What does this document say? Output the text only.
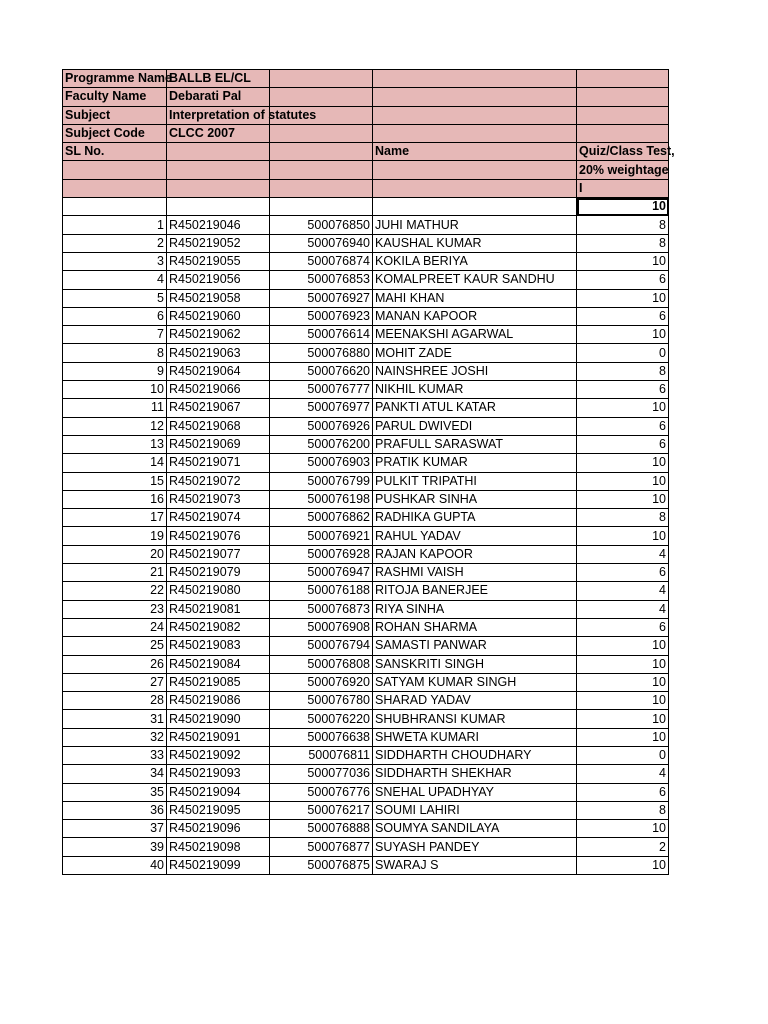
Programme Name	BALLB EL/CL			
Faculty Name	Debarati Pal			
Subject	Interpretation of statutes			
Subject Code	CLCC 2007			
SL No.			Name	Quiz/Class Test,
				20% weightage
				I
				10
1	R450219046	500076850	JUHI MATHUR	8
2	R450219052	500076940	KAUSHAL KUMAR	8
3	R450219055	500076874	KOKILA BERIYA	10
4	R450219056	500076853	KOMALPREET KAUR SANDHU	6
5	R450219058	500076927	MAHI KHAN	10
6	R450219060	500076923	MANAN KAPOOR	6
7	R450219062	500076614	MEENAKSHI AGARWAL	10
8	R450219063	500076880	MOHIT ZADE	0
9	R450219064	500076620	NAINSHREE JOSHI	8
10	R450219066	500076777	NIKHIL KUMAR	6
11	R450219067	500076977	PANKTI ATUL KATAR	10
12	R450219068	500076926	PARUL DWIVEDI	6
13	R450219069	500076200	PRAFULL SARASWAT	6
14	R450219071	500076903	PRATIK KUMAR	10
15	R450219072	500076799	PULKIT TRIPATHI	10
16	R450219073	500076198	PUSHKAR SINHA	10
17	R450219074	500076862	RADHIKA GUPTA	8
19	R450219076	500076921	RAHUL YADAV	10
20	R450219077	500076928	RAJAN KAPOOR	4
21	R450219079	500076947	RASHMI VAISH	6
22	R450219080	500076188	RITOJA BANERJEE	4
23	R450219081	500076873	RIYA SINHA	4
24	R450219082	500076908	ROHAN SHARMA	6
25	R450219083	500076794	SAMASTI PANWAR	10
26	R450219084	500076808	SANSKRITI SINGH	10
27	R450219085	500076920	SATYAM KUMAR SINGH	10
28	R450219086	500076780	SHARAD YADAV	10
31	R450219090	500076220	SHUBHRANSI KUMAR	10
32	R450219091	500076638	SHWETA KUMARI	10
33	R450219092	500076811	SIDDHARTH CHOUDHARY	0
34	R450219093	500077036	SIDDHARTH SHEKHAR	4
35	R450219094	500076776	SNEHAL UPADHYAY	6
36	R450219095	500076217	SOUMI LAHIRI	8
37	R450219096	500076888	SOUMYA SANDILAYA	10
39	R450219098	500076877	SUYASH PANDEY	2
40	R450219099	500076875	SWARAJ S	10
